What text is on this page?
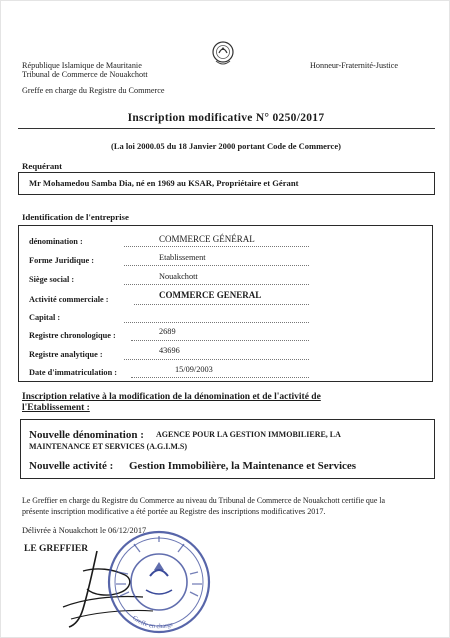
République Islamique de Mauritanie
Tribunal de Commerce de Nouakchott
Greffe en charge du Registre du Commerce
Honneur-Fraternité-Justice
Inscription modificative N° 0250/2017
(La loi 2000.05 du 18 Janvier 2000 portant Code de Commerce)
Requérant
Mr Mohamedou Samba Dia, né en 1969 au KSAR, Propriétaire et Gérant
Identification de l'entreprise
dénomination :	COMMERCE GÉNÉRAL
Forme Juridique :	Etablissement
Siège social :	Nouakchott
Activité commerciale :	COMMERCE GENERAL
Capital :
Registre chronologique :	2689
Registre analytique :	43696
Date d'immatriculation :	15/09/2003
Inscription relative à la modification de la dénomination et de l'activité de
l'Etablissement :
Nouvelle dénomination : AGENCE POUR LA GESTION IMMOBILIERE, LA
MAINTENANCE ET SERVICES (A.G.I.M.S)
Nouvelle activité : Gestion Immobilière, la Maintenance et Services
Le Greffier en charge du Registre du Commerce au niveau du Tribunal de Commerce de Nouakchott certifie que la
présente inscription modificative a été portée au Registre des inscriptions modificatives 2017.
Délivrée à Nouakchott le 06/12/2017
LE GREFFIER
Greffe en charge
